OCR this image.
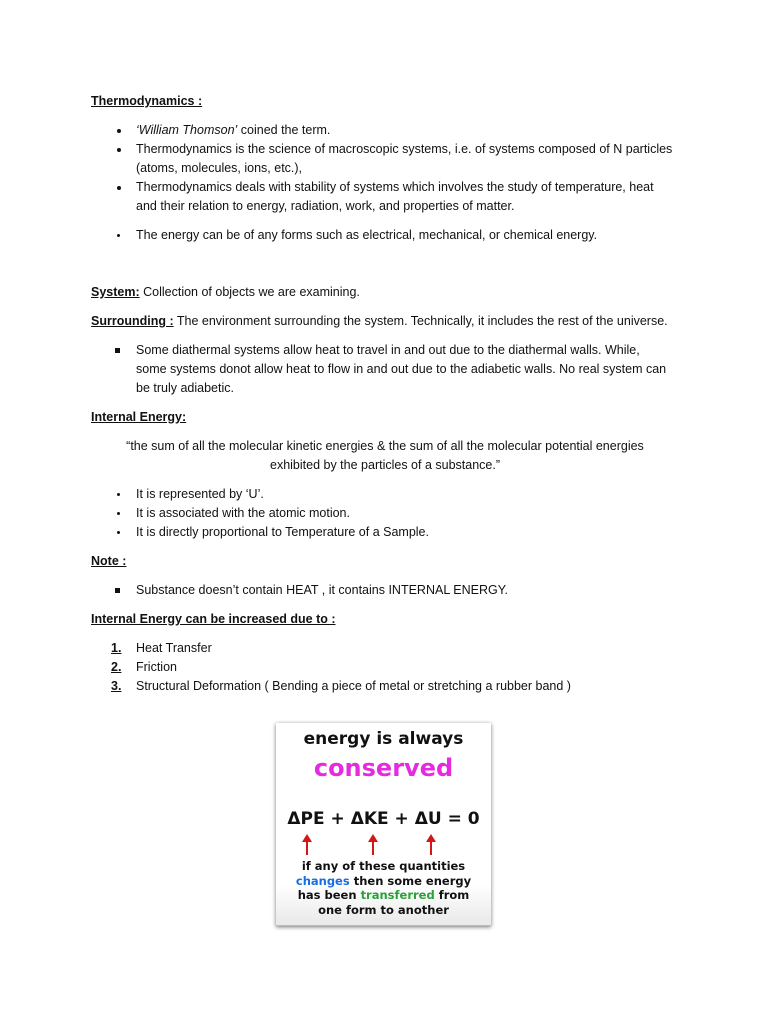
Thermodynamics :
‘William Thomson’ coined the term.
Thermodynamics is the science of macroscopic systems, i.e. of systems composed of N particles
(atoms, molecules, ions, etc.),
Thermodynamics deals with stability of systems which involves the study of temperature, heat
and their relation to energy, radiation, work, and properties of matter.
The energy can be of any forms such as electrical, mechanical, or chemical energy.
System: Collection of objects we are examining.
Surrounding : The environment surrounding the system. Technically, it includes the rest of the universe.
Some diathermal systems allow heat to travel in and out due to the diathermal walls. While,
some systems donot allow heat to flow in and out due to the adiabetic walls. No real system can
be truly adiabetic.
Internal Energy:
“the sum of all the molecular kinetic energies & the sum of all the molecular potential energies
exhibited by the particles of a substance.”
It is represented by ‘U’.
It is associated with the atomic motion.
It is directly proportional to Temperature of a Sample.
Note :
Substance doesn’t contain HEAT , it contains INTERNAL ENERGY.
Internal Energy can be increased due to :
1. Heat Transfer
2. Friction
3. Structural Deformation ( Bending a piece of metal or stretching a rubber band )
energy is always
conserved
ΔPE + ΔKE + ΔU = 0
if any of these quantities
changes then some energy
has been transferred from
one form to another
